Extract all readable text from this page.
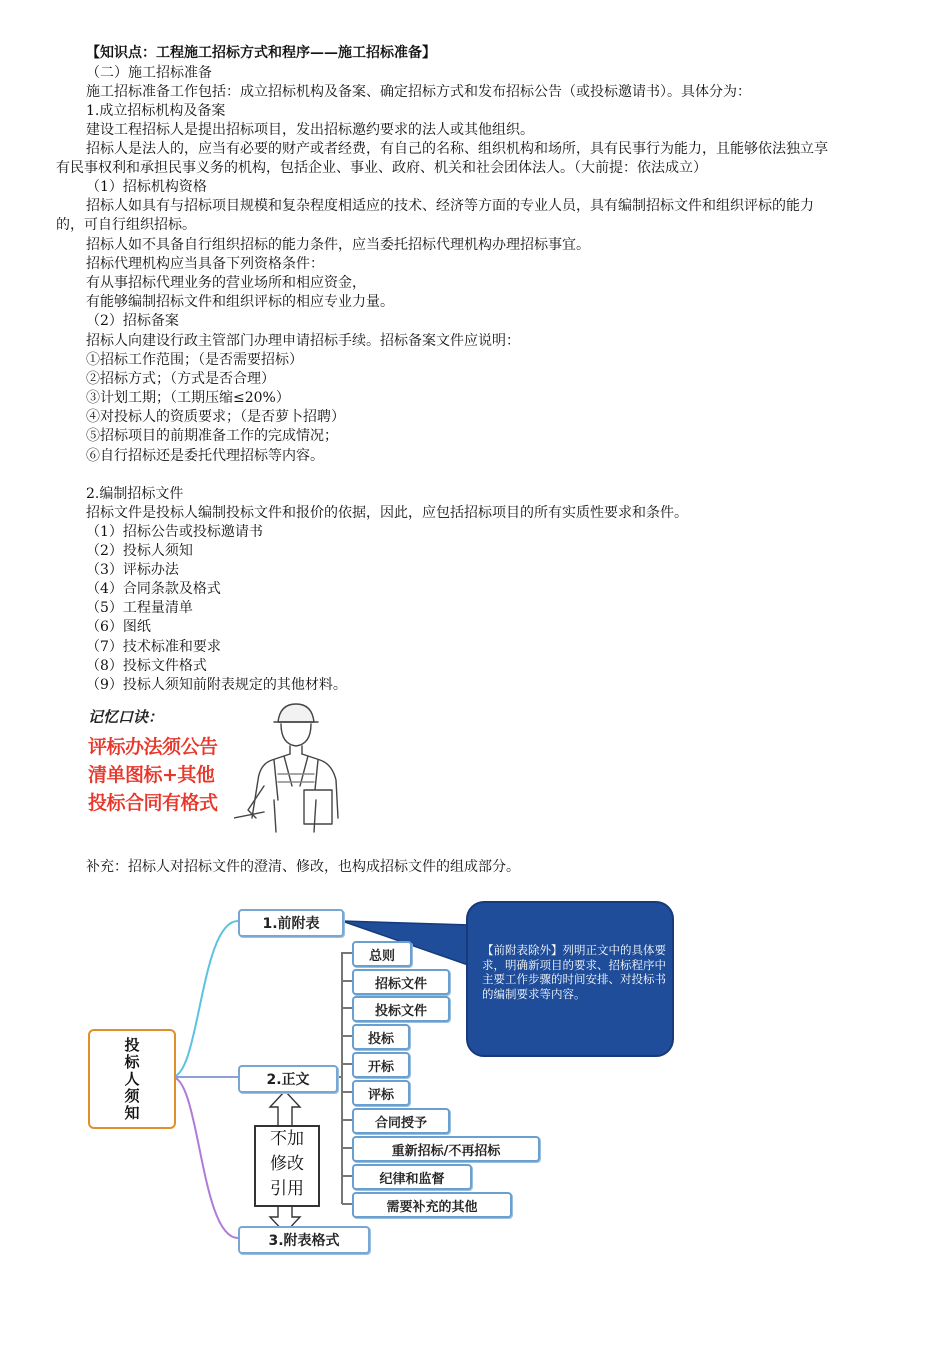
【知识点：工程施工招标方式和程序——施工招标准备】
（二）施工招标准备
施工招标准备工作包括：成立招标机构及备案、确定招标方式和发布招标公告（或投标邀请书）。具体分为：
1.成立招标机构及备案
建设工程招标人是提出招标项目，发出招标邀约要求的法人或其他组织。
招标人是法人的，应当有必要的财产或者经费，有自己的名称、组织机构和场所，具有民事行为能力，且能够依法独立享
有民事权利和承担民事义务的机构，包括企业、事业、政府、机关和社会团体法人。（大前提：依法成立）
（1）招标机构资格
招标人如具有与招标项目规模和复杂程度相适应的技术、经济等方面的专业人员，具有编制招标文件和组织评标的能力
的，可自行组织招标。
招标人如不具备自行组织招标的能力条件，应当委托招标代理机构办理招标事宜。
招标代理机构应当具备下列资格条件：
有从事招标代理业务的营业场所和相应资金，
有能够编制招标文件和组织评标的相应专业力量。
（2）招标备案
招标人向建设行政主管部门办理申请招标手续。招标备案文件应说明：
①招标工作范围；（是否需要招标）
②招标方式；（方式是否合理）
③计划工期；（工期压缩≤20%）
④对投标人的资质要求；（是否萝卜招聘）
⑤招标项目的前期准备工作的完成情况；
⑥自行招标还是委托代理招标等内容。
2.编制招标文件
招标文件是投标人编制投标文件和报价的依据，因此，应包括招标项目的所有实质性要求和条件。
（1）招标公告或投标邀请书
（2）投标人须知
（3）评标办法
（4）合同条款及格式
（5）工程量清单
（6）图纸
（7）技术标准和要求
（8）投标文件格式
（9）投标人须知前附表规定的其他材料。
记忆口诀：
评标办法须公告
清单图标+其他
投标合同有格式
补充：招标人对招标文件的澄清、修改，也构成招标文件的组成部分。
投标人须知
1.前附表
2.正文
3.附表格式
总则
招标文件
投标文件
投标
开标
评标
合同授予
重新招标/不再招标
纪律和监督
需要补充的其他
不加
修改
引用
【前附表除外】列明正文中的具体要求，明确新项目的要求、招标程序中主要工作步骤的时间安排、对投标书的编制要求等内容。
